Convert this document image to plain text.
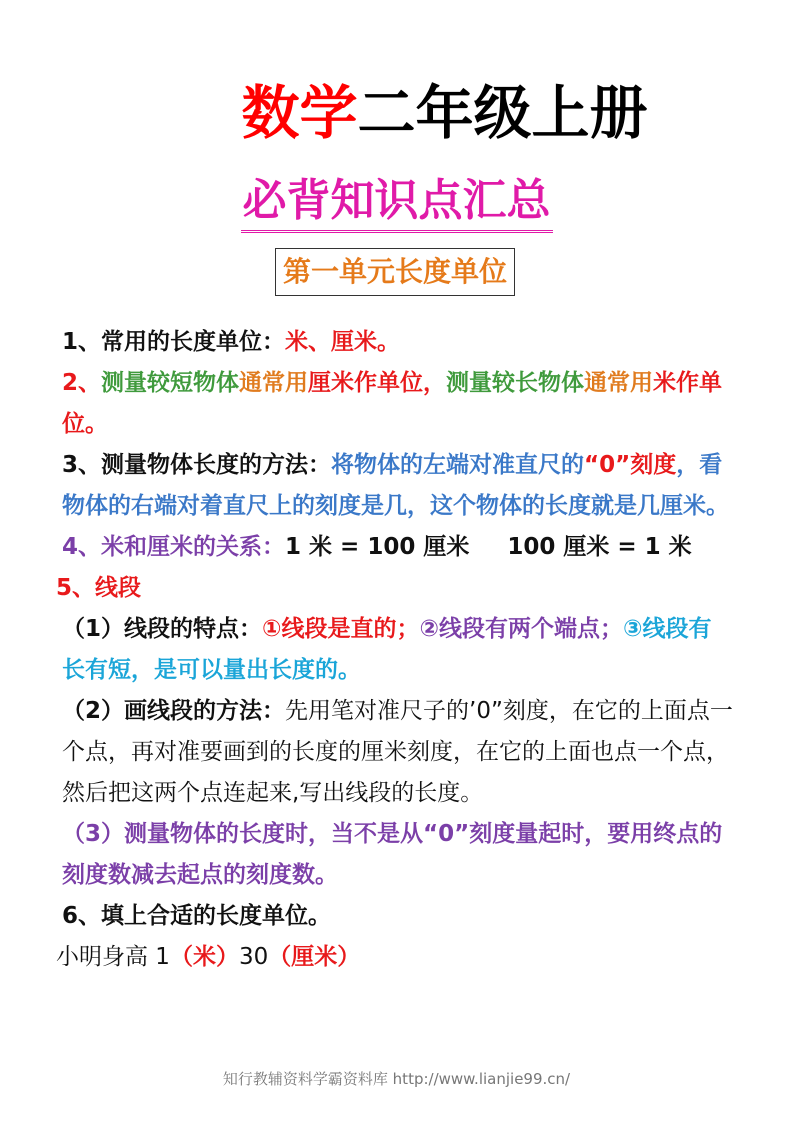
数学二年级上册
必背知识点汇总
第一单元长度单位

1、常用的长度单位：米、厘米。

2、测量较短物体通常用厘米作单位，测量较长物体通常用米作单位。

3、测量物体长度的方法：将物体的左端对准直尺的“0”刻度，看物体的右端对着直尺上的刻度是几，这个物体的长度就是几厘米。

4、米和厘米的关系：1 米 = 100 厘米 100 厘米 = 1 米

5、线段

（1）线段的特点：①线段是直的；②线段有两个端点；③线段有长有短，是可以量出长度的。

（2）画线段的方法：先用笔对准尺子的’0”刻度，在它的上面点一个点，再对准要画到的长度的厘米刻度，在它的上面也点一个点，然后把这两个点连起来,写出线段的长度。

（3）测量物体的长度时，当不是从“0”刻度量起时，要用终点的刻度数减去起点的刻度数。

6、填上合适的长度单位。

小明身高 1（米）30（厘米）

知行教辅资料学霸资料库 http://www.lianjie99.cn/
